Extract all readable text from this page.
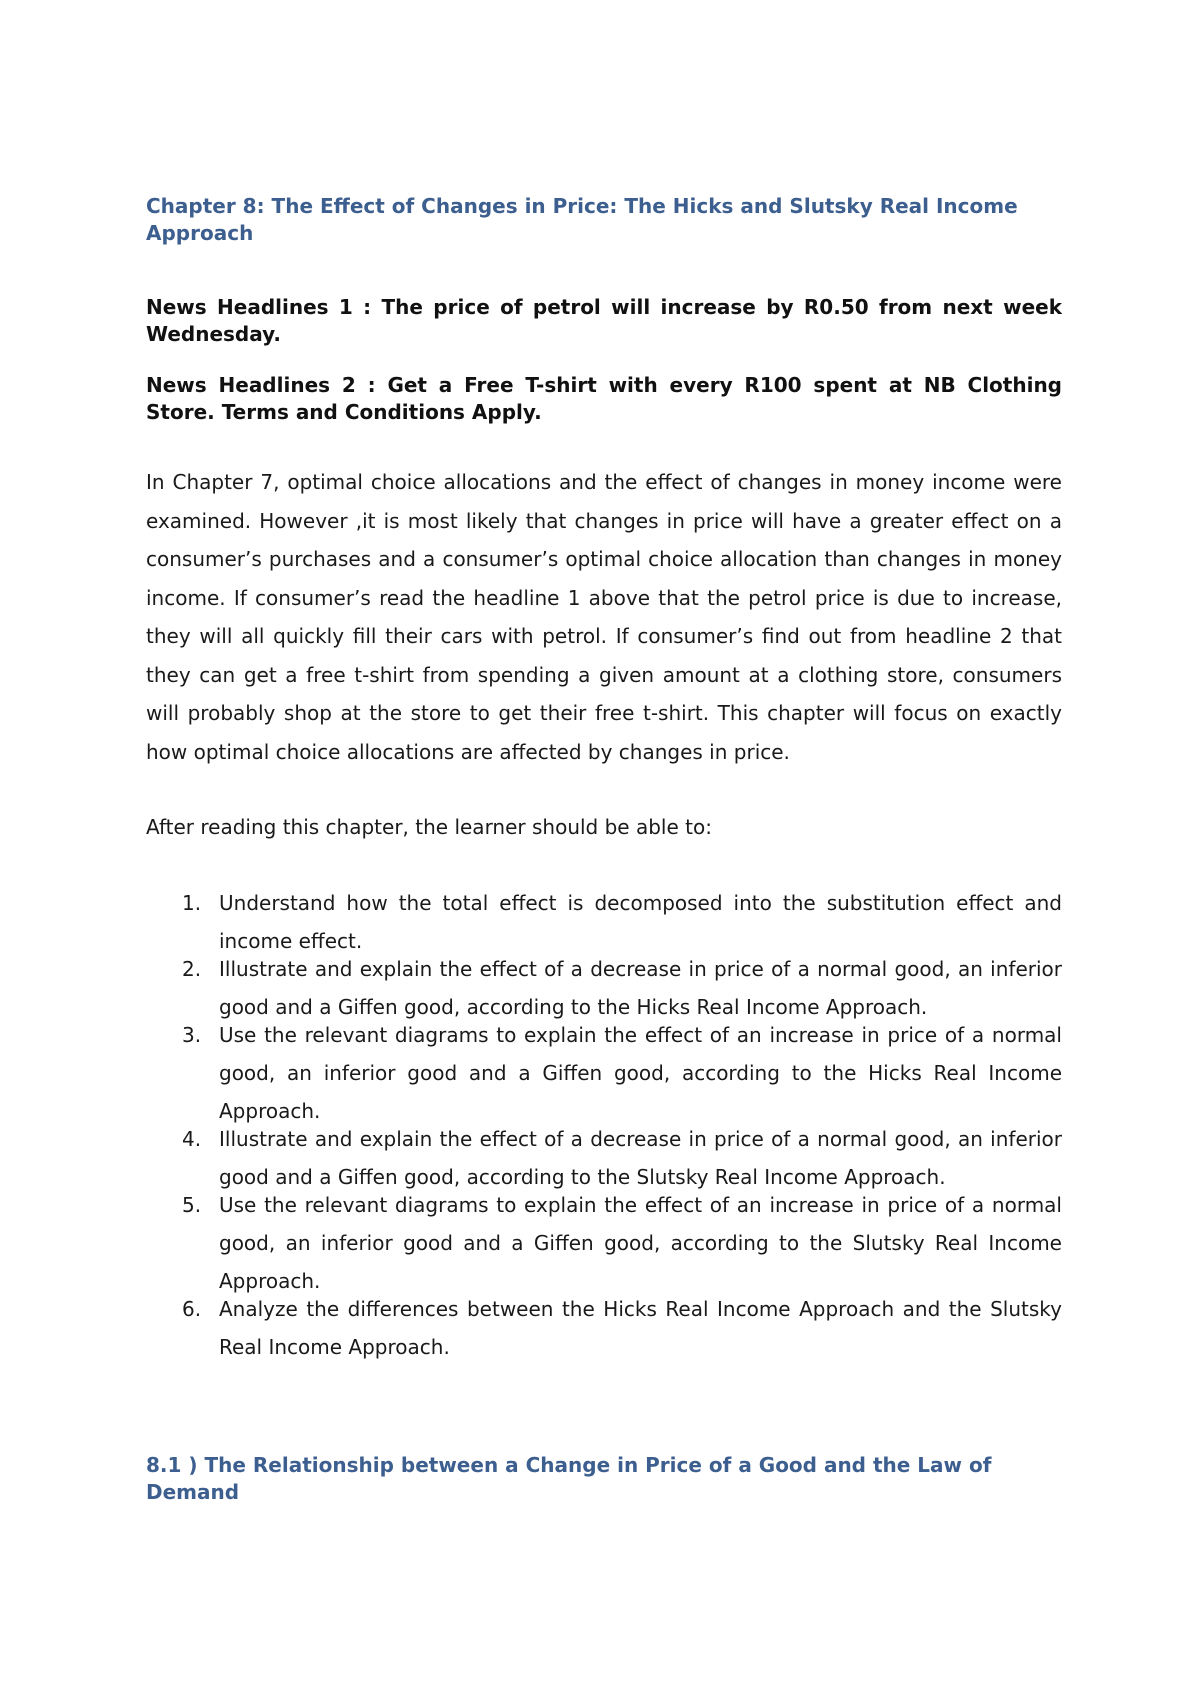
Chapter 8: The Effect of Changes in Price: The Hicks and Slutsky Real Income Approach

News Headlines 1 : The price of petrol will increase by R0.50 from next week Wednesday.

News Headlines 2 : Get a Free T-shirt with every R100 spent at NB Clothing Store. Terms and Conditions Apply.

In Chapter 7, optimal choice allocations and the effect of changes in money income were examined. However ,it is most likely that changes in price will have a greater effect on a consumer’s purchases and a consumer’s optimal choice allocation than changes in money income. If consumer’s read the headline 1 above that the petrol price is due to increase, they will all quickly fill their cars with petrol. If consumer’s find out from headline 2 that they can get a free t-shirt from spending a given amount at a clothing store, consumers will probably shop at the store to get their free t-shirt. This chapter will focus on exactly how optimal choice allocations are affected by changes in price.

After reading this chapter, the learner should be able to:

1. Understand how the total effect is decomposed into the substitution effect and income effect.
2. Illustrate and explain the effect of a decrease in price of a normal good, an inferior good and a Giffen good, according to the Hicks Real Income Approach.
3. Use the relevant diagrams to explain the effect of an increase in price of a normal good, an inferior good and a Giffen good, according to the Hicks Real Income Approach.
4. Illustrate and explain the effect of a decrease in price of a normal good, an inferior good and a Giffen good, according to the Slutsky Real Income Approach.
5. Use the relevant diagrams to explain the effect of an increase in price of a normal good, an inferior good and a Giffen good, according to the Slutsky Real Income Approach.
6. Analyze the differences between the Hicks Real Income Approach and the Slutsky Real Income Approach.
8.1 ) The Relationship between a Change in Price of a Good and the Law of Demand
